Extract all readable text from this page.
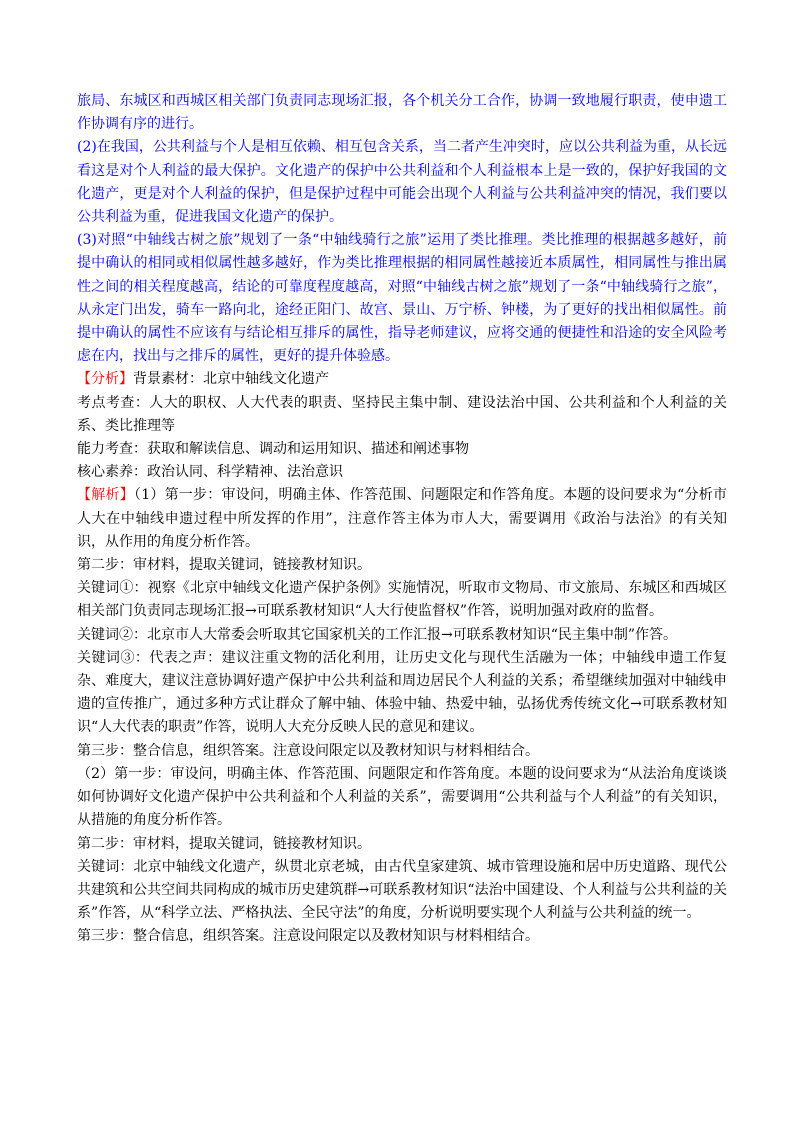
旅局、东城区和西城区相关部门负责同志现场汇报，各个机关分工合作，协调一致地履行职责，使申遗工作协调有序的进行。

(2)在我国，公共利益与个人是相互依赖、相互包含关系，当二者产生冲突时，应以公共利益为重，从长远看这是对个人利益的最大保护。文化遗产的保护中公共利益和个人利益根本上是一致的，保护好我国的文化遗产，更是对个人利益的保护，但是保护过程中可能会出现个人利益与公共利益冲突的情况，我们要以公共利益为重，促进我国文化遗产的保护。

(3)对照“中轴线古树之旅”规划了一条“中轴线骑行之旅”运用了类比推理。类比推理的根据越多越好，前提中确认的相同或相似属性越多越好，作为类比推理根据的相同属性越接近本质属性，相同属性与推出属性之间的相关程度越高，结论的可靠度程度越高，对照“中轴线古树之旅”规划了一条“中轴线骑行之旅”，从永定门出发，骑车一路向北，途经正阳门、故宫、景山、万宁桥、钟楼，为了更好的找出相似属性。前提中确认的属性不应该有与结论相互排斥的属性，指导老师建议，应将交通的便捷性和沿途的安全风险考虑在内，找出与之排斥的属性，更好的提升体验感。

【分析】背景素材：北京中轴线文化遗产

考点考查：人大的职权、人大代表的职责、坚持民主集中制、建设法治中国、公共利益和个人利益的关系、类比推理等

能力考查：获取和解读信息、调动和运用知识、描述和阐述事物

核心素养：政治认同、科学精神、法治意识

【解析】（1）第一步：审设问，明确主体、作答范围、问题限定和作答角度。本题的设问要求为“分析市人大在中轴线申遗过程中所发挥的作用”，注意作答主体为市人大，需要调用《政治与法治》的有关知识，从作用的角度分析作答。

第二步：审材料，提取关键词，链接教材知识。

关键词①：视察《北京中轴线文化遗产保护条例》实施情况，听取市文物局、市文旅局、东城区和西城区相关部门负责同志现场汇报→可联系教材知识“人大行使监督权”作答，说明加强对政府的监督。

关键词②：北京市人大常委会听取其它国家机关的工作汇报→可联系教材知识“民主集中制”作答。

关键词③：代表之声：建议注重文物的活化利用，让历史文化与现代生活融为一体；中轴线申遗工作复杂、难度大，建议注意协调好遗产保护中公共利益和周边居民个人利益的关系；希望继续加强对中轴线申遗的宣传推广，通过多种方式让群众了解中轴、体验中轴、热爱中轴，弘扬优秀传统文化→可联系教材知识“人大代表的职责”作答，说明人大充分反映人民的意见和建议。

第三步：整合信息，组织答案。注意设问限定以及教材知识与材料相结合。

（2）第一步：审设问，明确主体、作答范围、问题限定和作答角度。本题的设问要求为“从法治角度谈谈如何协调好文化遗产保护中公共利益和个人利益的关系”，需要调用“公共利益与个人利益”的有关知识，从措施的角度分析作答。

第二步：审材料，提取关键词，链接教材知识。

关键词：北京中轴线文化遗产，纵贯北京老城，由古代皇家建筑、城市管理设施和居中历史道路、现代公共建筑和公共空间共同构成的城市历史建筑群→可联系教材知识“法治中国建设、个人利益与公共利益的关系”作答，从“科学立法、严格执法、全民守法”的角度，分析说明要实现个人利益与公共利益的统一。

第三步：整合信息，组织答案。注意设问限定以及教材知识与材料相结合。
